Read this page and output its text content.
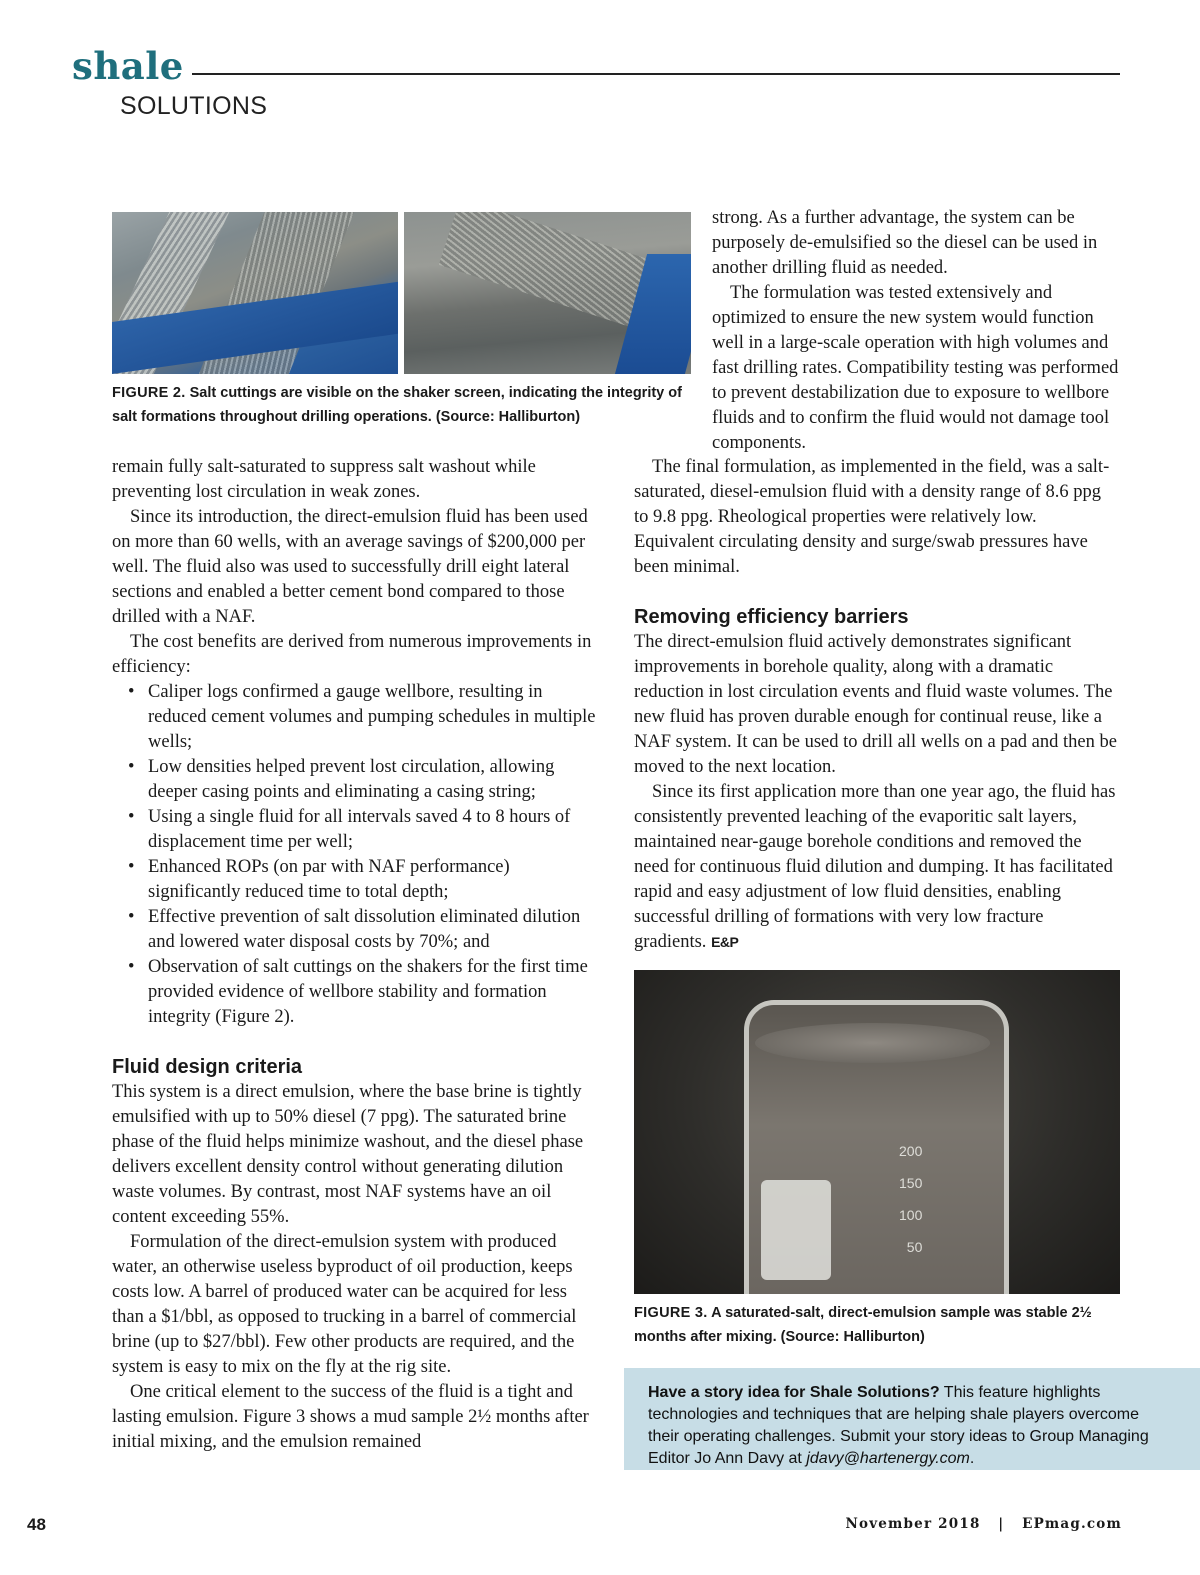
shale
SOLUTIONS
FIGURE 2. Salt cuttings are visible on the shaker screen, indicating the integrity of salt formations throughout drilling operations. (Source: Halliburton)

remain fully salt-saturated to suppress salt washout while preventing lost circulation in weak zones.

Since its introduction, the direct-emulsion fluid has been used on more than 60 wells, with an average savings of $200,000 per well. The fluid also was used to successfully drill eight lateral sections and enabled a better cement bond compared to those drilled with a NAF.

The cost benefits are derived from numerous improvements in efficiency:

• Caliper logs confirmed a gauge wellbore, resulting in reduced cement volumes and pumping schedules in multiple wells;
• Low densities helped prevent lost circulation, allowing deeper casing points and eliminating a casing string;
• Using a single fluid for all intervals saved 4 to 8 hours of displacement time per well;
• Enhanced ROPs (on par with NAF performance) significantly reduced time to total depth;
• Effective prevention of salt dissolution eliminated dilution and lowered water disposal costs by 70%; and
• Observation of salt cuttings on the shakers for the first time provided evidence of wellbore stability and formation integrity (Figure 2).
Fluid design criteria

This system is a direct emulsion, where the base brine is tightly emulsified with up to 50% diesel (7 ppg). The saturated brine phase of the fluid helps minimize washout, and the diesel phase delivers excellent density control without generating dilution waste volumes. By contrast, most NAF systems have an oil content exceeding 55%.

Formulation of the direct-emulsion system with produced water, an otherwise useless byproduct of oil production, keeps costs low. A barrel of produced water can be acquired for less than a $1/bbl, as opposed to trucking in a barrel of commercial brine (up to $27/bbl). Few other products are required, and the system is easy to mix on the fly at the rig site.

One critical element to the success of the fluid is a tight and lasting emulsion. Figure 3 shows a mud sample 2½ months after initial mixing, and the emulsion remained

strong. As a further advantage, the system can be purposely de-emulsified so the diesel can be used in another drilling fluid as needed.

The formulation was tested extensively and optimized to ensure the new system would function well in a large-scale operation with high volumes and fast drilling rates. Compatibility testing was performed to prevent destabilization due to exposure to wellbore fluids and to confirm the fluid would not damage tool components.

The final formulation, as implemented in the field, was a salt-saturated, diesel-emulsion fluid with a density range of 8.6 ppg to 9.8 ppg. Rheological properties were relatively low. Equivalent circulating density and surge/swab pressures have been minimal.

Removing efficiency barriers

The direct-emulsion fluid actively demonstrates significant improvements in borehole quality, along with a dramatic reduction in lost circulation events and fluid waste volumes. The new fluid has proven durable enough for continual reuse, like a NAF system. It can be used to drill all wells on a pad and then be moved to the next location.

Since its first application more than one year ago, the fluid has consistently prevented leaching of the evaporitic salt layers, maintained near-gauge borehole conditions and removed the need for continuous fluid dilution and dumping. It has facilitated rapid and easy adjustment of low fluid densities, enabling successful drilling of formations with very low fracture gradients. E&P

200
150
100
50
FIGURE 3. A saturated-salt, direct-emulsion sample was stable 2½ months after mixing. (Source: Halliburton)
Have a story idea for Shale Solutions? This feature highlights technologies and techniques that are helping shale players overcome their operating challenges. Submit your story ideas to Group Managing Editor Jo Ann Davy at jdavy@hartenergy.com.
48	November 2018 | EPmag.com
